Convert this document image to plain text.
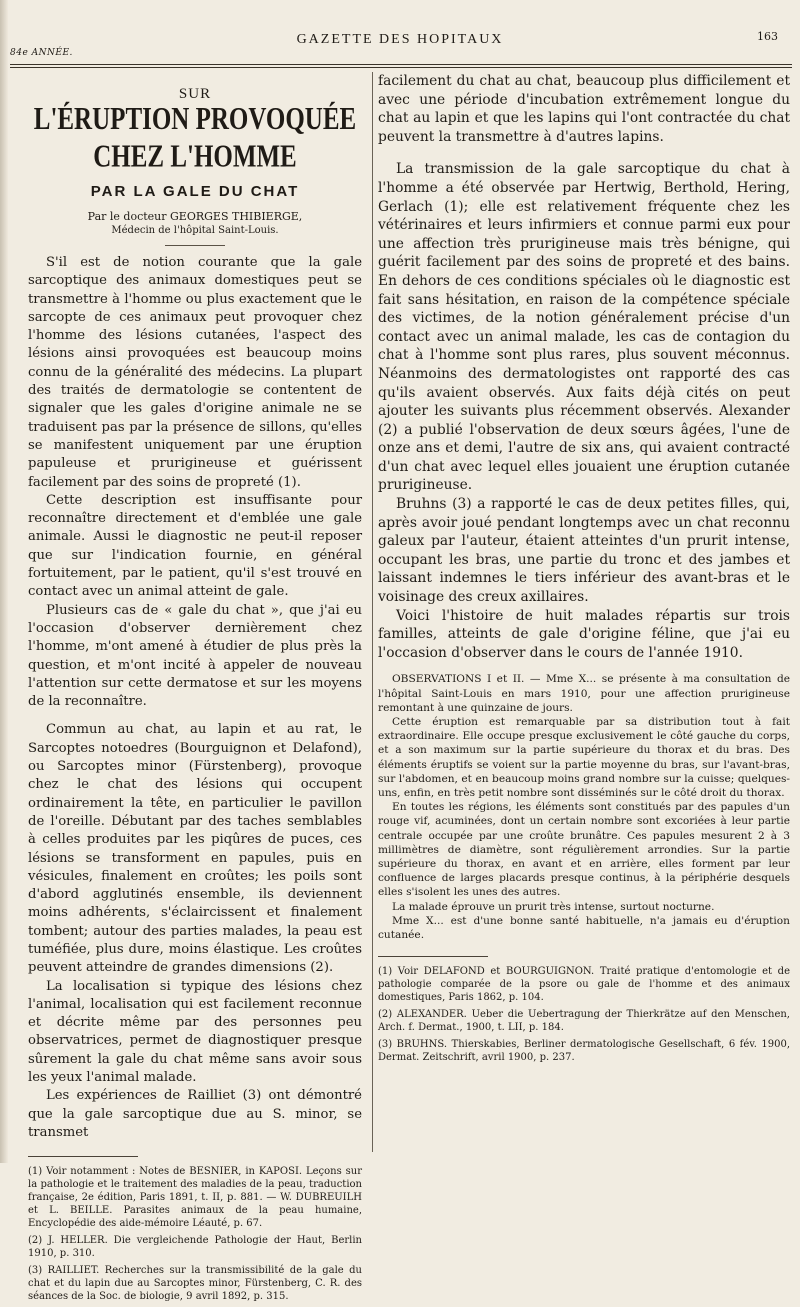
GAZETTE DES HOPITAUX
84e ANNÉE.
163
SUR
L'ÉRUPTION PROVOQUÉE CHEZ L'HOMME
PAR LA GALE DU CHAT
Par le docteur GEORGES THIBIERGE,
Médecin de l'hôpital Saint-Louis.

S'il est de notion courante que la gale sarcoptique des animaux domestiques peut se transmettre à l'homme ou plus exactement que le sarcopte de ces animaux peut provoquer chez l'homme des lésions cutanées, l'aspect des lésions ainsi provoquées est beaucoup moins connu de la généralité des médecins. La plupart des traités de dermatologie se contentent de signaler que les gales d'origine animale ne se traduisent pas par la présence de sillons, qu'elles se manifestent uniquement par une éruption papuleuse et prurigineuse et guérissent facilement par des soins de propreté (1).

Cette description est insuffisante pour reconnaître directement et d'emblée une gale animale. Aussi le diagnostic ne peut-il reposer que sur l'indication fournie, en général fortuitement, par le patient, qu'il s'est trouvé en contact avec un animal atteint de gale.

Plusieurs cas de « gale du chat », que j'ai eu l'occasion d'observer dernièrement chez l'homme, m'ont amené à étudier de plus près la question, et m'ont incité à appeler de nouveau l'attention sur cette dermatose et sur les moyens de la reconnaître.

Commun au chat, au lapin et au rat, le Sarcoptes notoedres (Bourguignon et Delafond), ou Sarcoptes minor (Fürstenberg), provoque chez le chat des lésions qui occupent ordinairement la tête, en particulier le pavillon de l'oreille. Débutant par des taches semblables à celles produites par les piqûres de puces, ces lésions se transforment en papules, puis en vésicules, finalement en croûtes; les poils sont d'abord agglutinés ensemble, ils deviennent moins adhérents, s'éclaircissent et finalement tombent; autour des parties malades, la peau est tuméfiée, plus dure, moins élastique. Les croûtes peuvent atteindre de grandes dimensions (2).

La localisation si typique des lésions chez l'animal, localisation qui est facilement reconnue et décrite même par des personnes peu observatrices, permet de diagnostiquer presque sûrement la gale du chat même sans avoir sous les yeux l'animal malade.

Les expériences de Railliet (3) ont démontré que la gale sarcoptique due au S. minor, se transmet

(1) Voir notamment : Notes de BESNIER, in KAPOSI. Leçons sur la pathologie et le traitement des maladies de la peau, traduction française, 2e édition, Paris 1891, t. II, p. 881. — W. DUBREUILH et L. BEILLE. Parasites animaux de la peau humaine, Encyclopédie des aide-mémoire Léauté, p. 67.

(2) J. HELLER. Die vergleichende Pathologie der Haut, Berlin 1910, p. 310.

(3) RAILLIET. Recherches sur la transmissibilité de la gale du chat et du lapin due au Sarcoptes minor, Fürstenberg, C. R. des séances de la Soc. de biologie, 9 avril 1892, p. 315.

facilement du chat au chat, beaucoup plus difficilement et avec une période d'incubation extrêmement longue du chat au lapin et que les lapins qui l'ont contractée du chat peuvent la transmettre à d'autres lapins.

La transmission de la gale sarcoptique du chat à l'homme a été observée par Hertwig, Berthold, Hering, Gerlach (1); elle est relativement fréquente chez les vétérinaires et leurs infirmiers et connue parmi eux pour une affection très prurigineuse mais très bénigne, qui guérit facilement par des soins de propreté et des bains. En dehors de ces conditions spéciales où le diagnostic est fait sans hésitation, en raison de la compétence spéciale des victimes, de la notion généralement précise d'un contact avec un animal malade, les cas de contagion du chat à l'homme sont plus rares, plus souvent méconnus. Néanmoins des dermatologistes ont rapporté des cas qu'ils avaient observés. Aux faits déjà cités on peut ajouter les suivants plus récemment observés. Alexander (2) a publié l'observation de deux sœurs âgées, l'une de onze ans et demi, l'autre de six ans, qui avaient contracté d'un chat avec lequel elles jouaient une éruption cutanée prurigineuse.

Bruhns (3) a rapporté le cas de deux petites filles, qui, après avoir joué pendant longtemps avec un chat reconnu galeux par l'auteur, étaient atteintes d'un prurit intense, occupant les bras, une partie du tronc et des jambes et laissant indemnes le tiers inférieur des avant-bras et le voisinage des creux axillaires.

Voici l'histoire de huit malades répartis sur trois familles, atteints de gale d'origine féline, que j'ai eu l'occasion d'observer dans le cours de l'année 1910.

OBSERVATIONS I et II. — Mme X... se présente à ma consultation de l'hôpital Saint-Louis en mars 1910, pour une affection prurigineuse remontant à une quinzaine de jours.

Cette éruption est remarquable par sa distribution tout à fait extraordinaire. Elle occupe presque exclusivement le côté gauche du corps, et a son maximum sur la partie supérieure du thorax et du bras. Des éléments éruptifs se voient sur la partie moyenne du bras, sur l'avant-bras, sur l'abdomen, et en beaucoup moins grand nombre sur la cuisse; quelques-uns, enfin, en très petit nombre sont disséminés sur le côté droit du thorax.

En toutes les régions, les éléments sont constitués par des papules d'un rouge vif, acuminées, dont un certain nombre sont excoriées à leur partie centrale occupée par une croûte brunâtre. Ces papules mesurent 2 à 3 millimètres de diamètre, sont régulièrement arrondies. Sur la partie supérieure du thorax, en avant et en arrière, elles forment par leur confluence de larges placards presque continus, à la périphérie desquels elles s'isolent les unes des autres.

La malade éprouve un prurit très intense, surtout nocturne.

Mme X... est d'une bonne santé habituelle, n'a jamais eu d'éruption cutanée.

(1) Voir DELAFOND et BOURGUIGNON. Traité pratique d'entomologie et de pathologie comparée de la psore ou gale de l'homme et des animaux domestiques, Paris 1862, p. 104.

(2) ALEXANDER. Ueber die Uebertragung der Thierkrätze auf den Menschen, Arch. f. Dermat., 1900, t. LII, p. 184.

(3) BRUHNS. Thierskabies, Berliner dermatologische Gesellschaft, 6 fév. 1900, Dermat. Zeitschrift, avril 1900, p. 237.
